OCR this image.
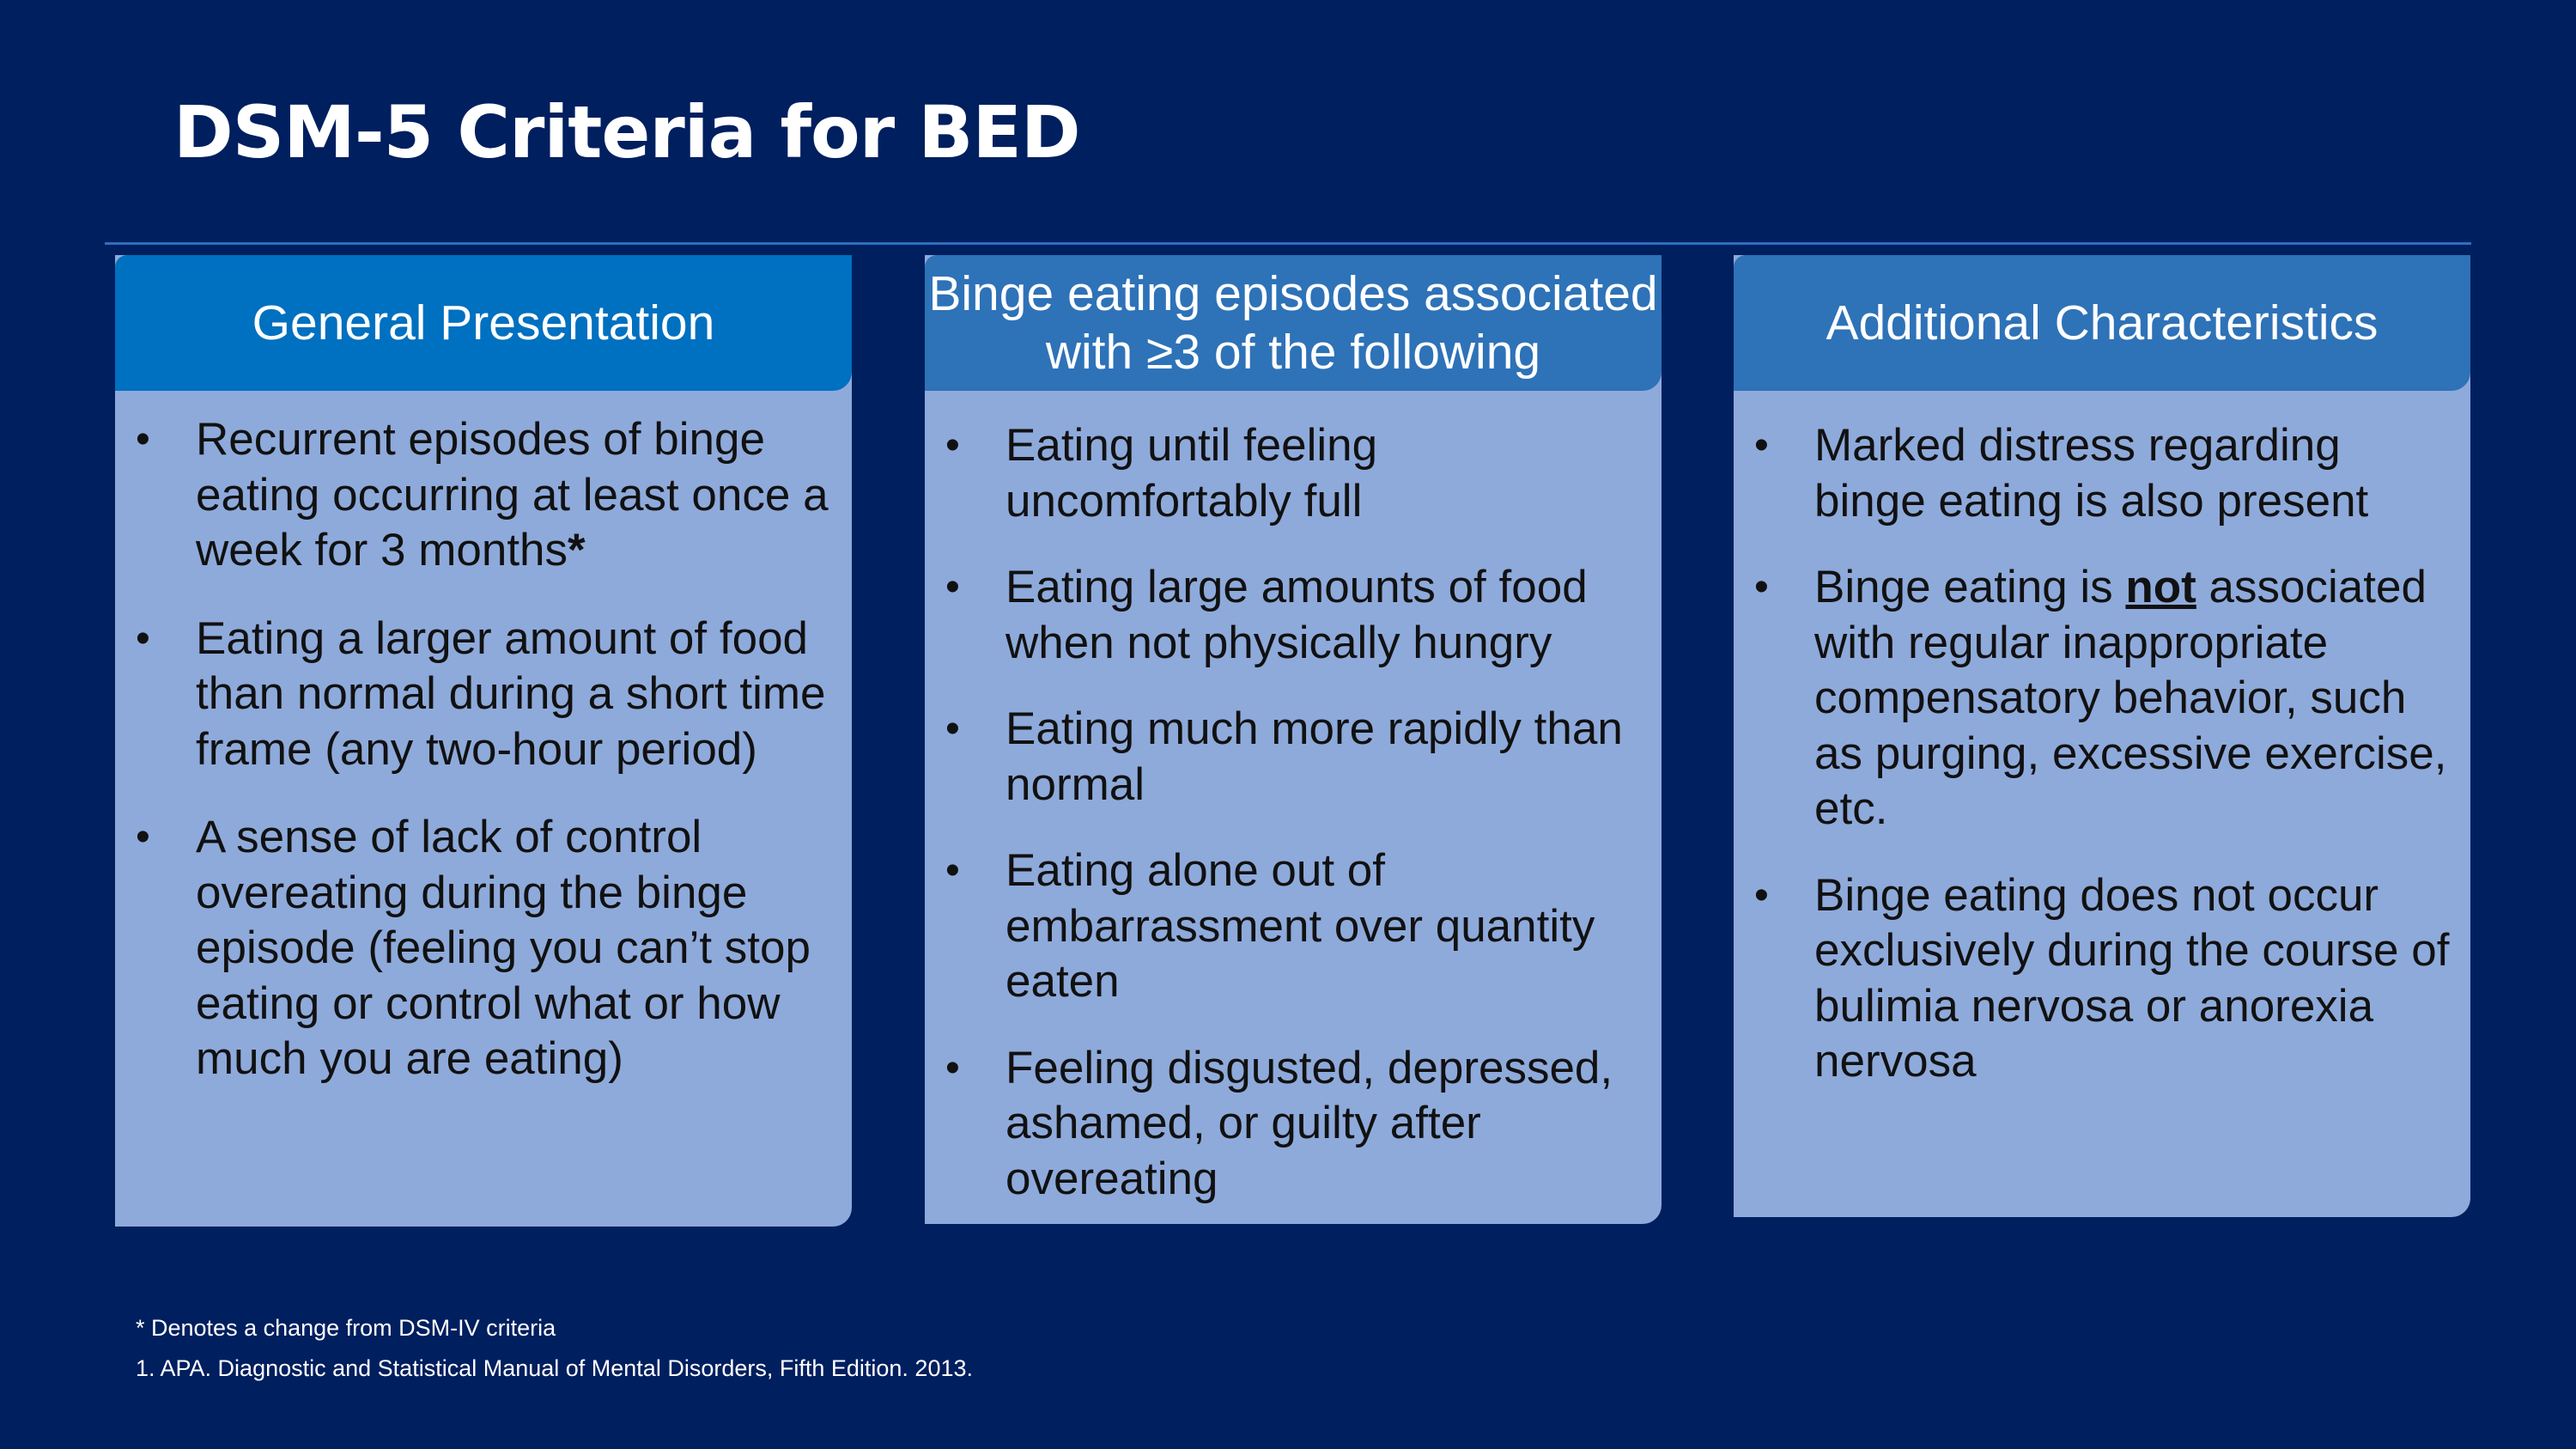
DSM-5 Criteria for BED
General Presentation
• Recurrent episodes of binge eating occurring at least once a week for 3 months*
• Eating a larger amount of food than normal during a short time frame (any two-hour period)
• A sense of lack of control overeating during the binge episode (feeling you can’t stop eating or control what or how much you are eating)
Binge eating episodes associated
with ≥3 of the following
• Eating until feeling uncomfortably full
• Eating large amounts of food when not physically hungry
• Eating much more rapidly than normal
• Eating alone out of embarrassment over quantity eaten
• Feeling disgusted, depressed, ashamed, or guilty after overeating
Additional Characteristics
• Marked distress regarding binge eating is also present
• Binge eating is not associated with regular inappropriate compensatory behavior, such as purging, excessive exercise, etc.
• Binge eating does not occur exclusively during the course of bulimia nervosa or anorexia nervosa

* Denotes a change from DSM-IV criteria

1. APA. Diagnostic and Statistical Manual of Mental Disorders, Fifth Edition. 2013.
